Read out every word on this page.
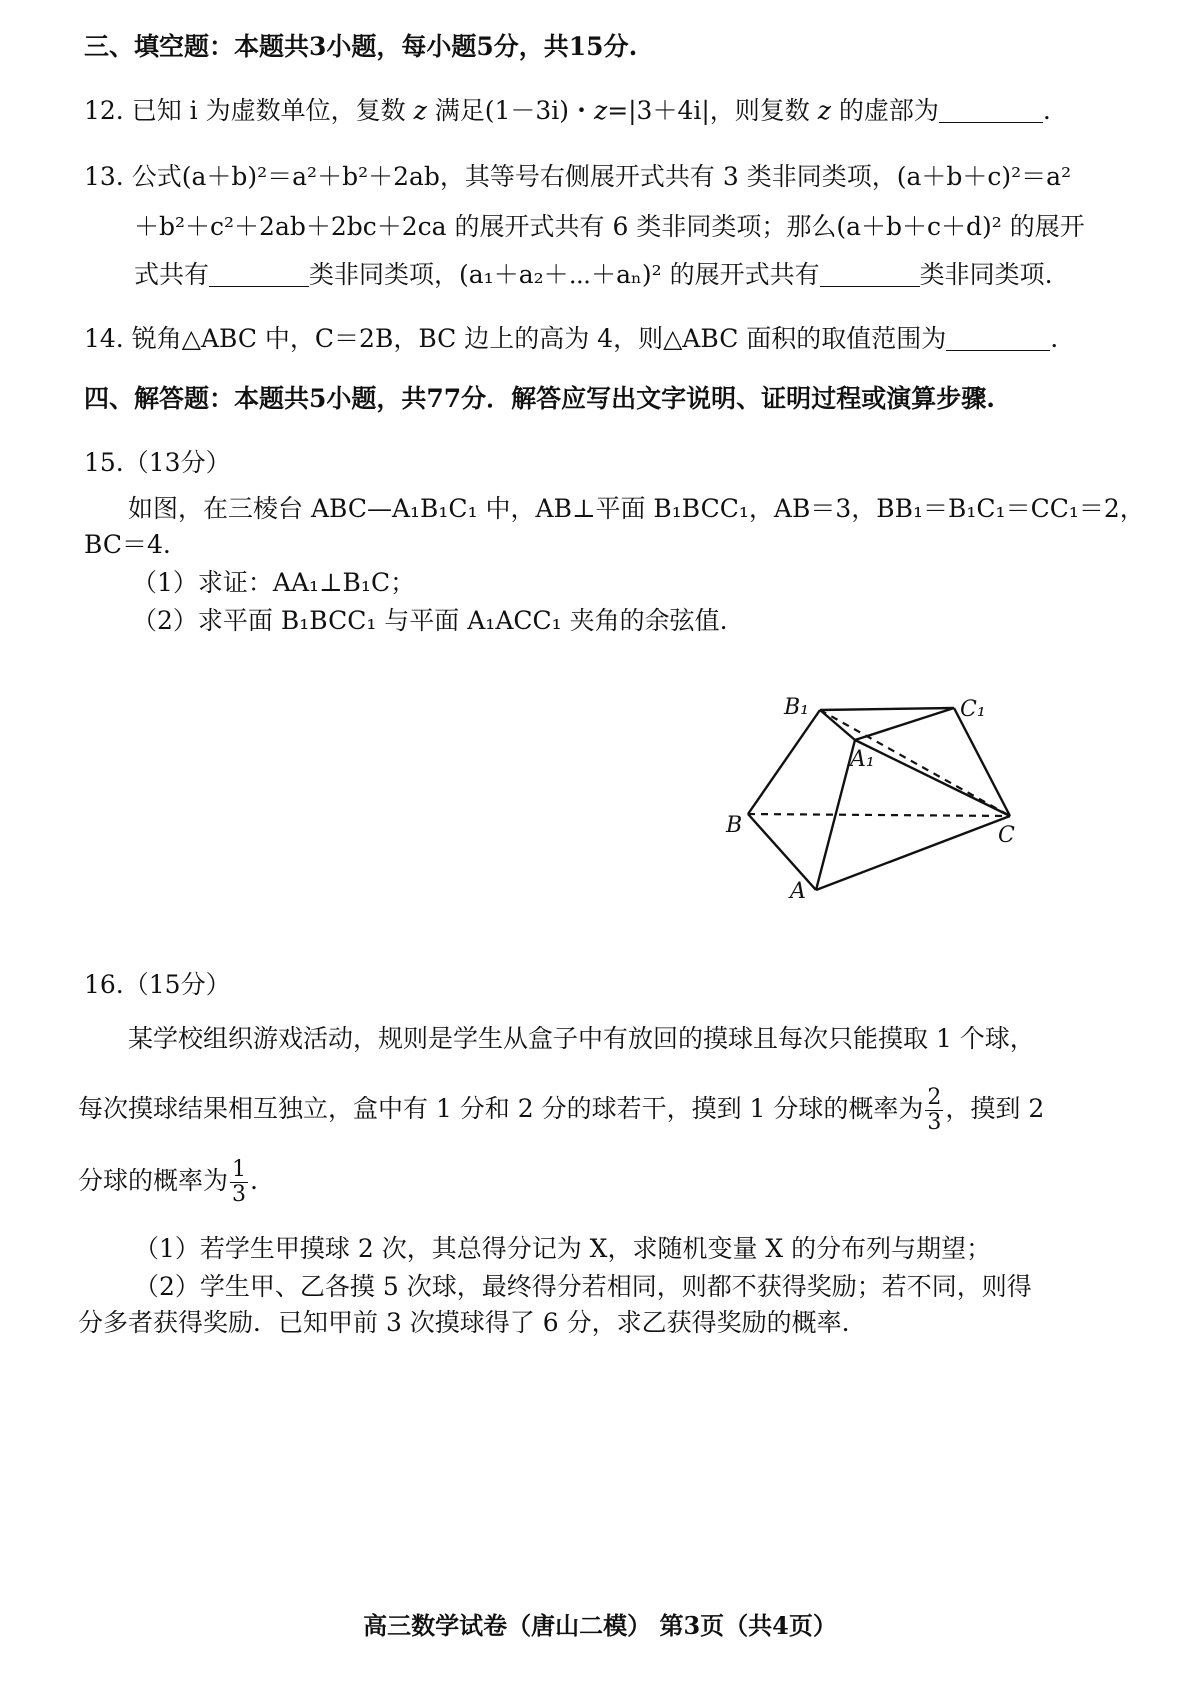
三、填空题：本题共3小题，每小题5分，共15分.
12. 已知 i 为虚数单位，复数 z 满足(1－3i)・z=|3＋4i|，则复数 z 的虚部为	.
13. 公式(a＋b)²＝a²＋b²＋2ab，其等号右侧展开式共有 3 类非同类项，(a＋b＋c)²＝a²
＋b²＋c²＋2ab＋2bc＋2ca 的展开式共有 6 类非同类项；那么(a＋b＋c＋d)² 的展开
式共有	类非同类项，(a₁＋a₂＋⋯＋aₙ)² 的展开式共有	类非同类项.
14. 锐角△ABC 中，C＝2B，BC 边上的高为 4，则△ABC 面积的取值范围为	.
四、解答题：本题共5小题，共77分．解答应写出文字说明、证明过程或演算步骤.
15.（13分）
如图，在三棱台 ABC—A₁B₁C₁ 中，AB⊥平面 B₁BCC₁，AB＝3，BB₁＝B₁C₁＝CC₁＝2，
BC＝4.
（1）求证：AA₁⊥B₁C；
（2）求平面 B₁BCC₁ 与平面 A₁ACC₁ 夹角的余弦值.
B₁	C₁
A₁
B	C
A
16.（15分）
某学校组织游戏活动，规则是学生从盒子中有放回的摸球且每次只能摸取 1 个球，
每次摸球结果相互独立，盒中有 1 分和 2 分的球若干，摸到 1 分球的概率为 $\frac{2}{3}$ ，摸到 2
分球的概率为 $\frac{1}{3}$ .
（1）若学生甲摸球 2 次，其总得分记为 X，求随机变量 X 的分布列与期望；
（2）学生甲、乙各摸 5 次球，最终得分若相同，则都不获得奖励；若不同，则得
分多者获得奖励．已知甲前 3 次摸球得了 6 分，求乙获得奖励的概率.
高三数学试卷（唐山二模） 第3页（共4页）
